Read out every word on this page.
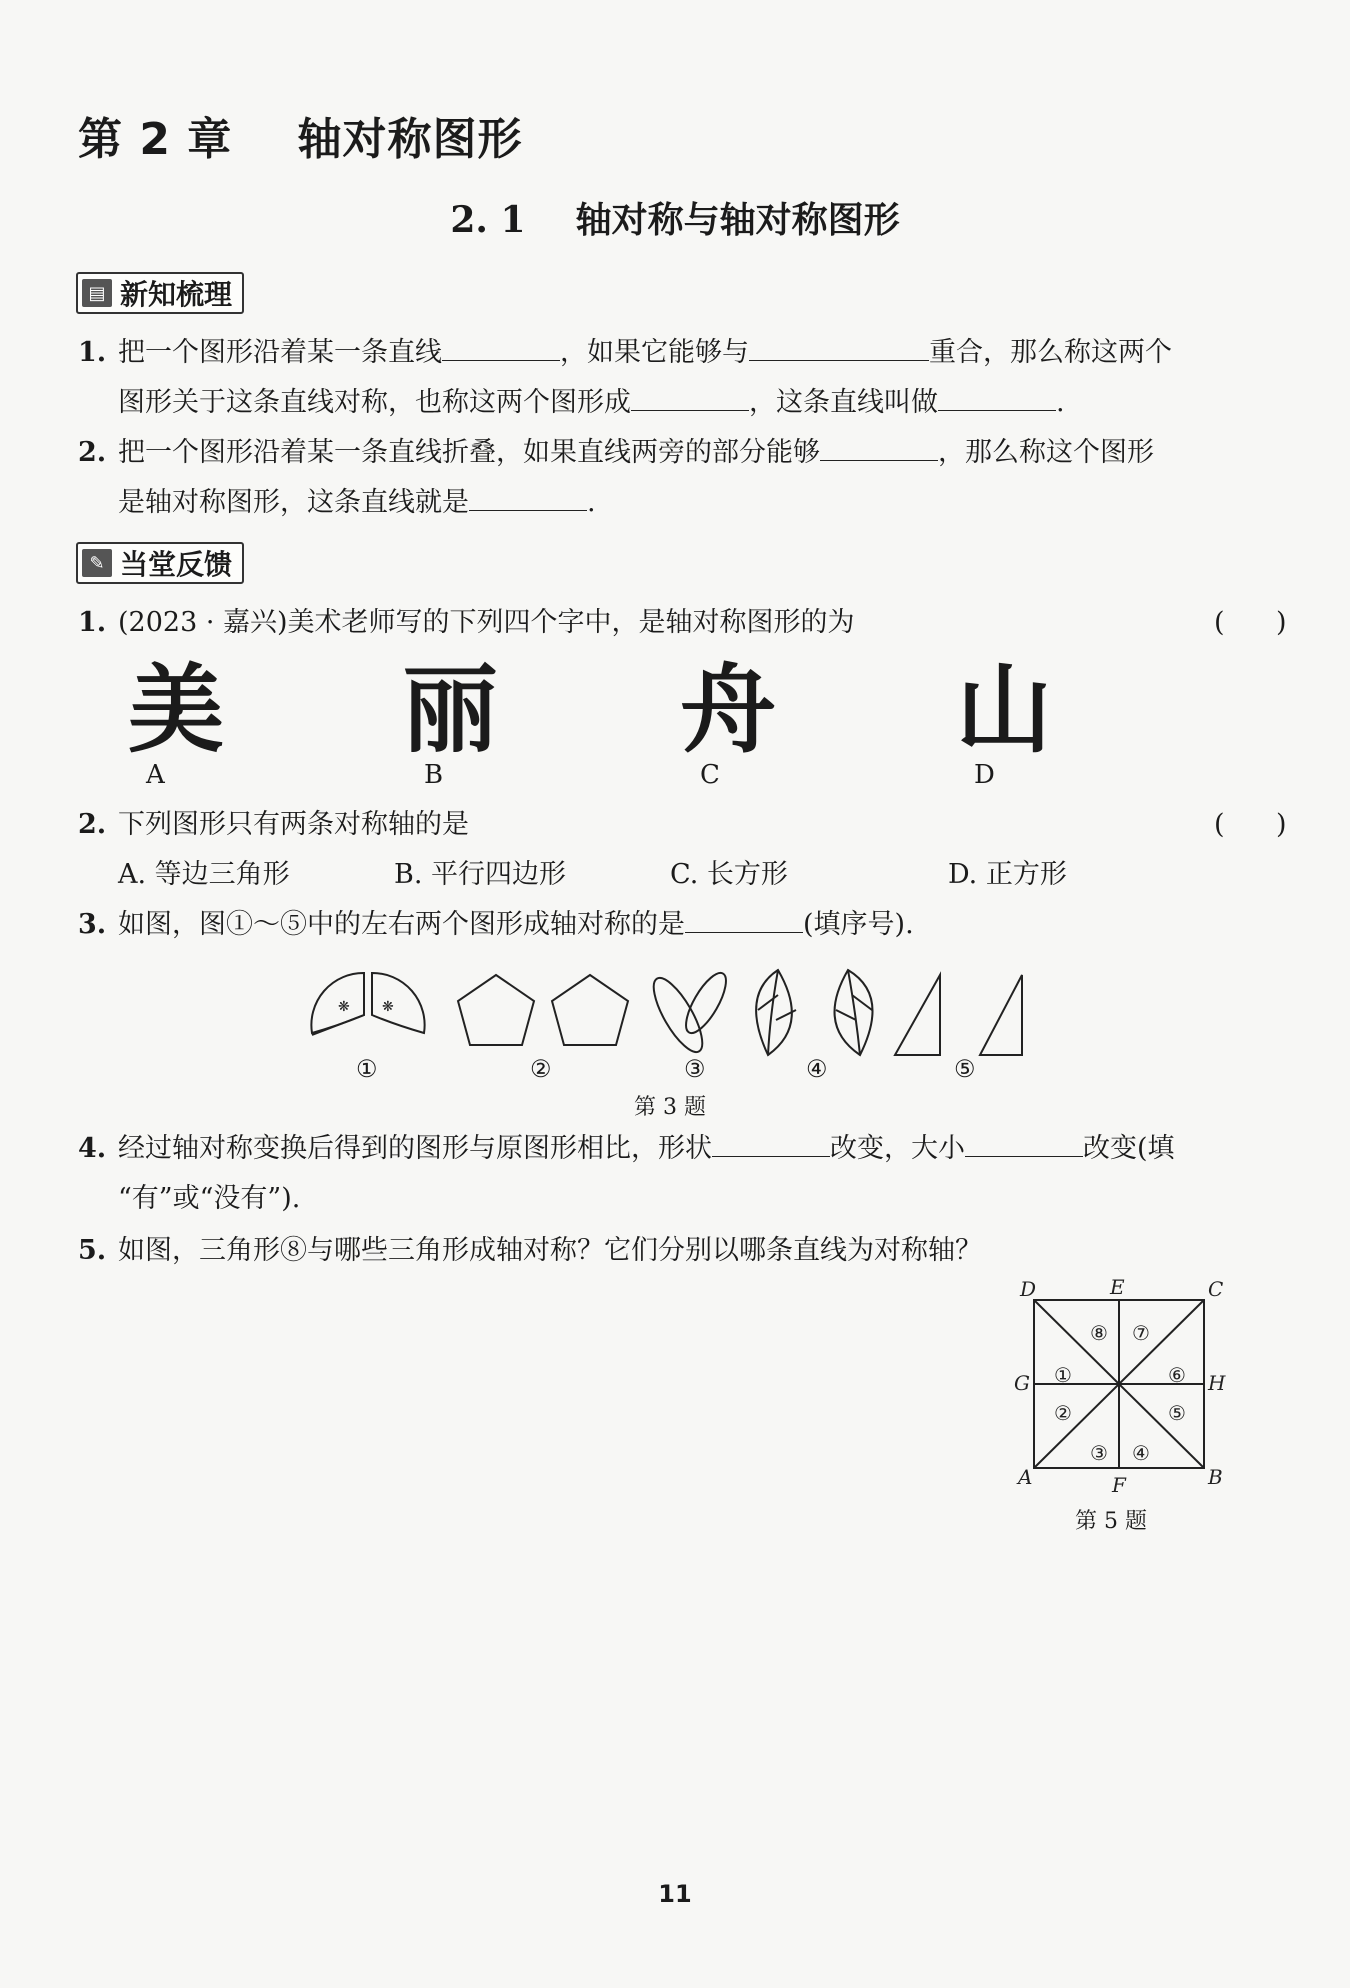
第 2 章    轴对称图形
2. 1    轴对称与轴对称图形
▤ 新知梳理
1. 把一个图形沿着某一条直线	，如果它能够与	重合，那么称这两个
图形关于这条直线对称，也称这两个图形成	，这条直线叫做	.
2. 把一个图形沿着某一条直线折叠，如果直线两旁的部分能够	，那么称这个图形
是轴对称图形，这条直线就是	.
✎ 当堂反馈
1. (2023 · 嘉兴)美术老师写的下列四个字中，是轴对称图形的为	(      )
美 丽 舟 山
A	B	C	D
2. 下列图形只有两条对称轴的是	(      )
A. 等边三角形	B. 平行四边形	C. 长方形	D. 正方形
3. 如图，图①～⑤中的左右两个图形成轴对称的是	(填序号).
❋ ❋
①	②	③	④	⑤
第 3 题
4. 经过轴对称变换后得到的图形与原图形相比，形状	改变，大小	改变(填
“有”或“没有”).
5. 如图，三角形⑧与哪些三角形成轴对称？它们分别以哪条直线为对称轴？
D	E	C
G	H
A	F	B
①
②
③ ④
⑤
⑥
⑦
⑧
第 5 题
11
